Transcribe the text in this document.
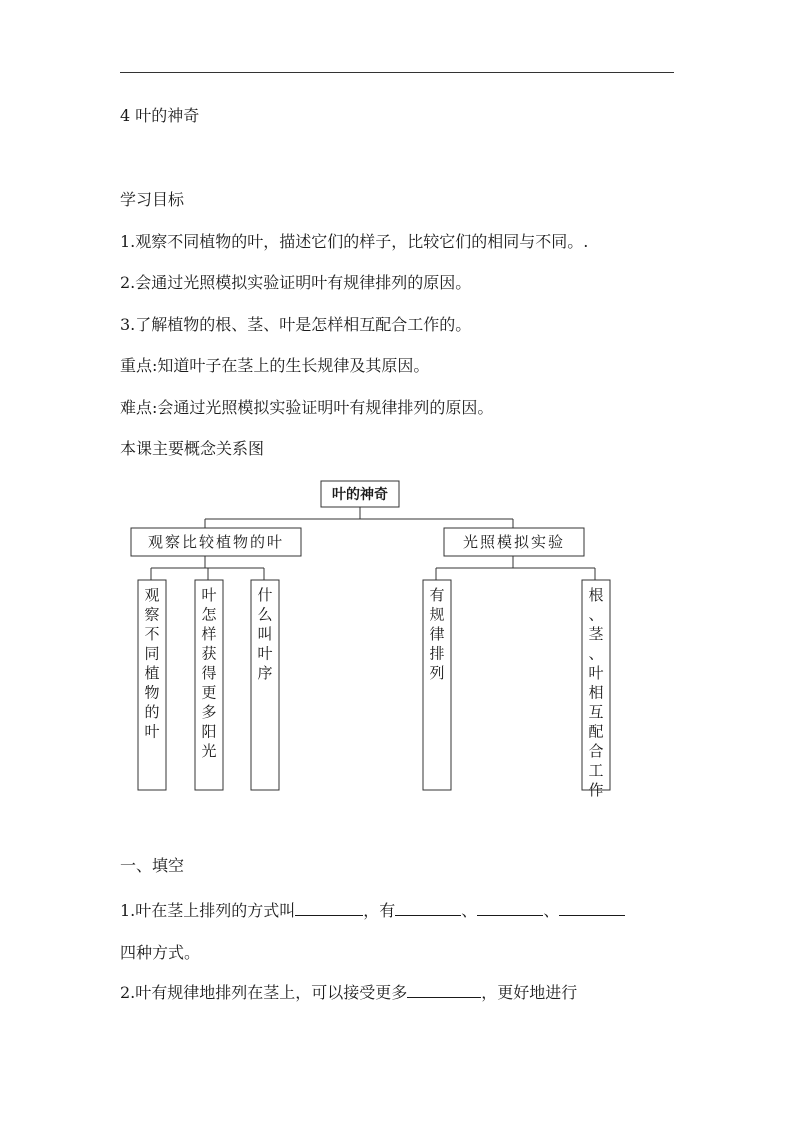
4 叶的神奇
学习目标
1.观察不同植物的叶，描述它们的样子，比较它们的相同与不同。.
2.会通过光照模拟实验证明叶有规律排列的原因。
3.了解植物的根、茎、叶是怎样相互配合工作的。
重点:知道叶子在茎上的生长规律及其原因。
难点:会通过光照模拟实验证明叶有规律排列的原因。
本课主要概念关系图
叶的神奇
观察比较植物的叶	光照模拟实验
观察不同植物的叶
叶怎样获得更多阳光
什么叫叶序
有规律排列
根、茎、叶相互配合工作
一、填空
1.叶在茎上排列的方式叫	，有	、	、
四种方式。
2.叶有规律地排列在茎上，可以接受更多	，更好地进行
